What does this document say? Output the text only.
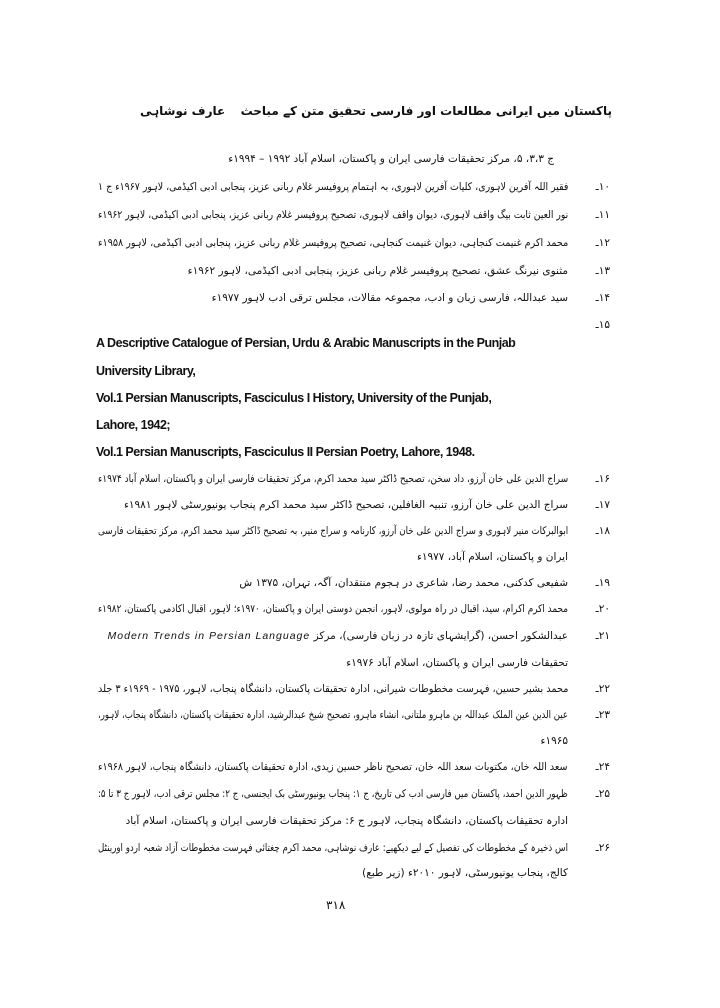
عارف نوشاہی پاکستان میں ایرانی مطالعات اور فارسی تحقیق متن کے مباحث
ج ۳،۳، ۵، مرکز تحقیقات فارسی ایران و پاکستان، اسلام آباد ۱۹۹۲ – ۱۹۹۴ء
۱۰ـ
فقیر اللہ آفرین لاہوری، کلیات آفرین لاہوری، بہ اہتمام پروفیسر غلام ربانی عزیز، پنجابی ادبی اکیڈمی، لاہور ۱۹۶۷ء ج ۱
۱۱ـ
نور العین ثابت بیگ واقف لاہوری، دیوان واقف لاہوری، تصحیح پروفیسر غلام ربانی عزیز، پنجابی ادبی اکیڈمی، لاہور ۱۹۶۲ء
۱۲ـ
محمد اکرم غنیمت کنجاہی، دیوان غنیمت کنجاہی، تصحیح پروفیسر غلام ربانی عزیز، پنجابی ادبی اکیڈمی، لاہور ۱۹۵۸ء
۱۳ـ
مثنوی نیرنگ عشق، تصحیح پروفیسر غلام ربانی عزیز، پنجابی ادبی اکیڈمی، لاہور ۱۹۶۲ء
۱۴ـ
سید عبداللہ، فارسی زبان و ادب، مجموعہ مقالات، مجلس ترقی ادب لاہور ۱۹۷۷ء
۱۵ـ
A Descriptive Catalogue of Persian, Urdu & Arabic Manuscripts in the Punjab
University Library,
Vol.1 Persian Manuscripts, Fasciculus I History, University of the Punjab,
Lahore, 1942;
Vol.1 Persian Manuscripts, Fasciculus II Persian Poetry, Lahore, 1948.
۱۶ـ
سراج الدین علی خان آرزو، داد سخن، تصحیح ڈاکٹر سید محمد اکرم، مرکز تحقیقات فارسی ایران و پاکستان، اسلام آباد ۱۹۷۴ء
۱۷ـ
سراج الدین علی خان آرزو، تنبیہ الغافلین، تصحیح ڈاکٹر سید محمد اکرم پنجاب یونیورسٹی لاہور ۱۹۸۱ء
۱۸ـ
ابوالبرکات منیر لاہوری و سراج الدین علی خان آرزو، کارنامہ و سراج منیر، بہ تصحیح ڈاکٹر سید محمد اکرم، مرکز تحقیقات فارسی
ایران و پاکستان، اسلام آباد، ۱۹۷۷ء
۱۹ـ
شفیعی کدکنی، محمد رضا، شاعری در ہجوم منتقدان، آگہ، تہران، ۱۳۷۵ ش
۲۰ـ
محمد اکرم اکرام، سید، اقبال در راہ مولوی، لاہور، انجمن دوستی ایران و پاکستان، ۱۹۷۰ء؛ لاہور، اقبال اکادمی پاکستان، ۱۹۸۲ء
۲۱ـ
عبدالشکور احسن، (گرایشہای تازہ در زبان فارسی)، مرکز Modern Trends in Persian Language
تحقیقات فارسی ایران و پاکستان، اسلام آباد ۱۹۷۶ء
۲۲ـ
محمد بشیر حسین، فہرست مخطوطات شیرانی، ادارہ تحقیقات پاکستان، دانشگاہ پنجاب، لاہور، ۱۹۷۵ - ۱۹۶۹ء ۳ جلد
۲۳ـ
عین الدین عین الملک عبداللہ بن ماہرو ملتانی، انشاء ماہرو، تصحیح شیخ عبدالرشید، ادارہ تحقیقات پاکستان، دانشگاہ پنجاب، لاہور،
۱۹۶۵ء
۲۴ـ
سعد اللہ خان، مکتوبات سعد اللہ خان، تصحیح ناظر حسین زیدی، ادارہ تحقیقات پاکستان، دانشگاہ پنجاب، لاہور ۱۹۶۸ء
۲۵ـ
ظہور الدین احمد، پاکستان میں فارسی ادب کی تاریخ، ج ۱: پنجاب یونیورسٹی بک ایجنسی، ج ۲: مجلس ترقی ادب، لاہور ج ۳ تا ۵:
ادارہ تحقیقات پاکستان، دانشگاہ پنجاب، لاہور ج ۶: مرکز تحقیقات فارسی ایران و پاکستان، اسلام آباد
۲۶ـ
اس ذخیرہ کے مخطوطات کی تفصیل کے لیے دیکھیے: عارف نوشاہی، محمد اکرم چغتائی فہرست مخطوطات آزاد شعبہ اردو اورینٹل
کالج، پنجاب یونیورسٹی، لاہور ۲۰۱۰ء (زیر طبع)
۳۱۸
